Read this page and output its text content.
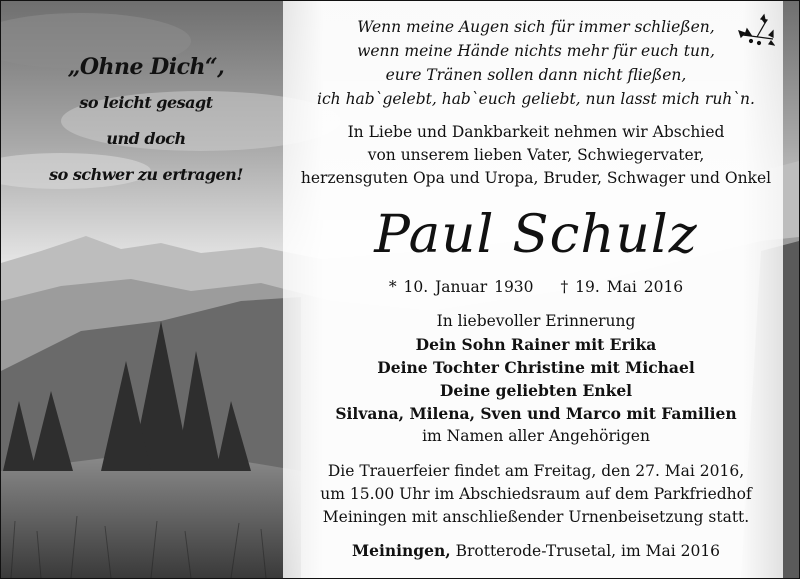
„Ohne Dich“,
so leicht gesagt
und doch
so schwer zu ertragen!

Wenn meine Augen sich für immer schließen,
wenn meine Hände nichts mehr für euch tun,
eure Tränen sollen dann nicht fließen,
ich hab`gelebt, hab`euch geliebt, nun lasst mich ruh`n.

In Liebe und Dankbarkeit nehmen wir Abschied
von unserem lieben Vater, Schwiegervater,
herzensguten Opa und Uropa, Bruder, Schwager und Onkel

Paul Schulz

* 10. Januar 1930 † 19. Mai 2016

In liebevoller Erinnerung
Dein Sohn Rainer mit Erika
Deine Tochter Christine mit Michael
Deine geliebten Enkel
Silvana, Milena, Sven und Marco mit Familien
im Namen aller Angehörigen

Die Trauerfeier findet am Freitag, den 27. Mai 2016,
um 15.00 Uhr im Abschiedsraum auf dem Parkfriedhof
Meiningen mit anschließender Urnenbeisetzung statt.

Meiningen, Brotterode-Trusetal, im Mai 2016
